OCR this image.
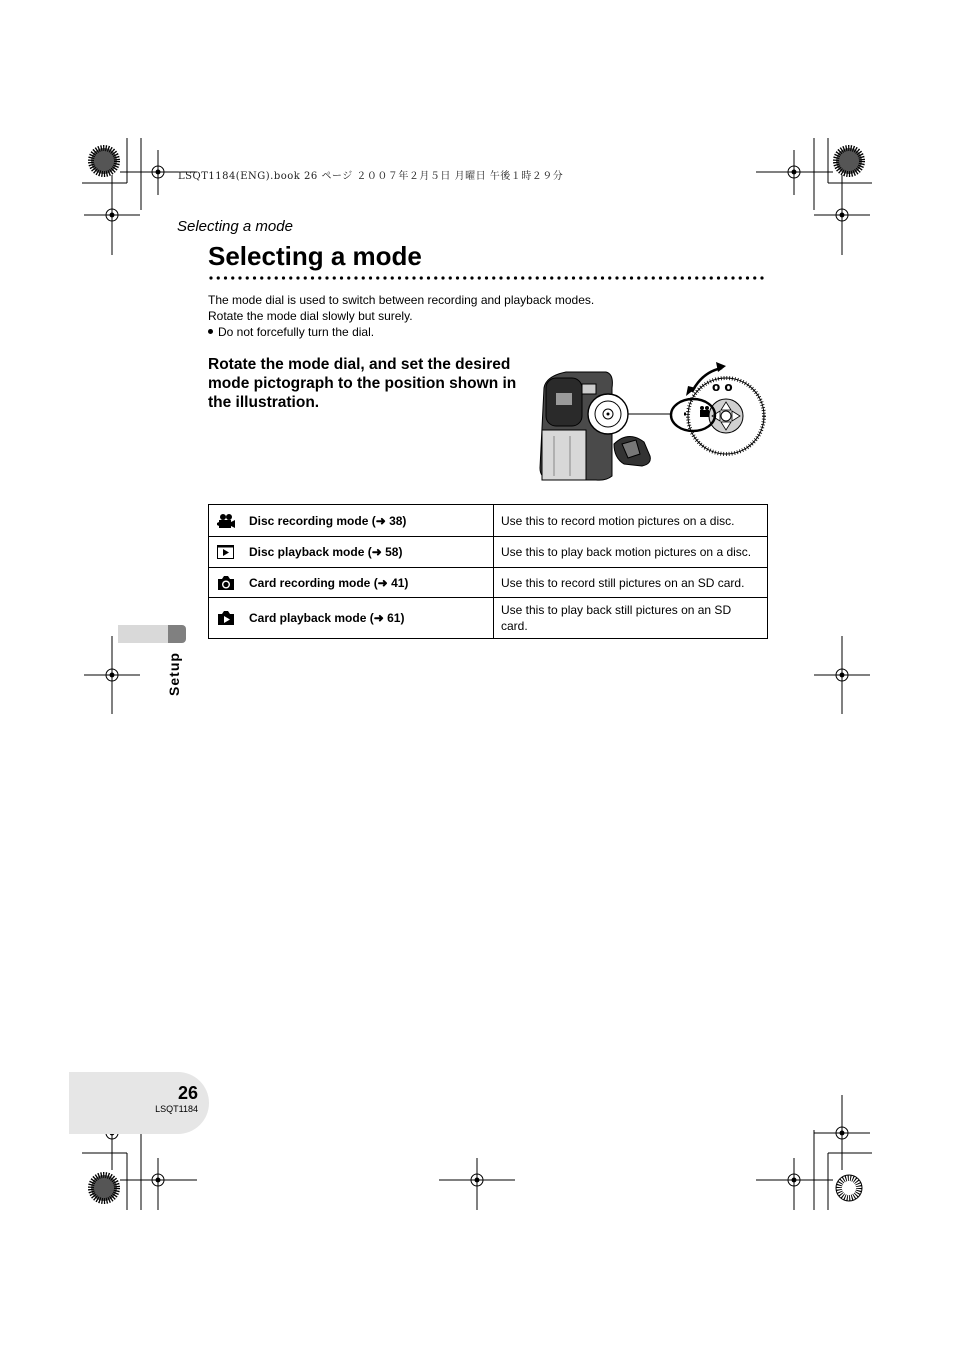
LSQT1184(ENG).book 26 ページ ２００７年２月５日 月曜日 午後１時２９分
Selecting a mode
Selecting a mode
The mode dial is used to switch between recording and playback modes.
Rotate the mode dial slowly but surely.
Do not forcefully turn the dial.
Rotate the mode dial, and set the desired mode pictograph to the position shown in the illustration.
o o
Disc recording mode (➜ 38)	Use this to record motion pictures on a disc.

Disc playback mode (➜ 58)	Use this to play back motion pictures on a disc.

Card recording mode (➜ 41)	Use this to record still pictures on an SD card.

Card playback mode (➜ 61)	Use this to play back still pictures on an SD card.
Setup
26
LSQT1184
